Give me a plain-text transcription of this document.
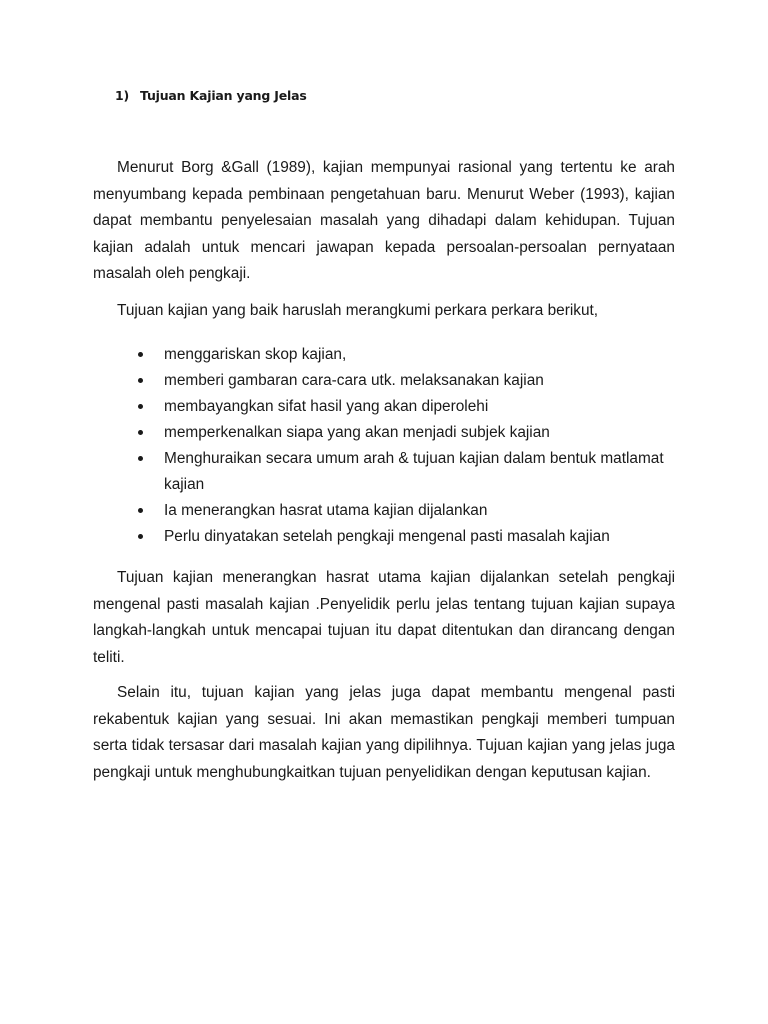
1) Tujuan Kajian yang Jelas

Menurut Borg &Gall (1989), kajian mempunyai rasional yang tertentu ke arah menyumbang kepada pembinaan pengetahuan baru. Menurut Weber (1993), kajian dapat membantu penyelesaian masalah yang dihadapi dalam kehidupan. Tujuan kajian adalah untuk mencari jawapan kepada persoalan-persoalan pernyataan masalah oleh pengkaji.

Tujuan kajian yang baik haruslah merangkumi perkara perkara berikut,

menggariskan skop kajian,
memberi gambaran cara-cara utk. melaksanakan kajian
membayangkan sifat hasil yang akan diperolehi
memperkenalkan siapa yang akan menjadi subjek kajian
Menghuraikan secara umum arah & tujuan kajian dalam bentuk matlamat kajian
Ia menerangkan hasrat utama kajian dijalankan
Perlu dinyatakan setelah pengkaji mengenal pasti masalah kajian

Tujuan kajian menerangkan hasrat utama kajian dijalankan setelah pengkaji mengenal pasti masalah kajian .Penyelidik perlu jelas tentang tujuan kajian supaya langkah-langkah untuk mencapai tujuan itu dapat ditentukan dan dirancang dengan teliti.

Selain itu, tujuan kajian yang jelas juga dapat membantu mengenal pasti rekabentuk kajian yang sesuai. Ini akan memastikan pengkaji memberi tumpuan serta tidak tersasar dari masalah kajian yang dipilihnya. Tujuan kajian yang jelas juga pengkaji untuk menghubungkaitkan tujuan penyelidikan dengan keputusan kajian.
